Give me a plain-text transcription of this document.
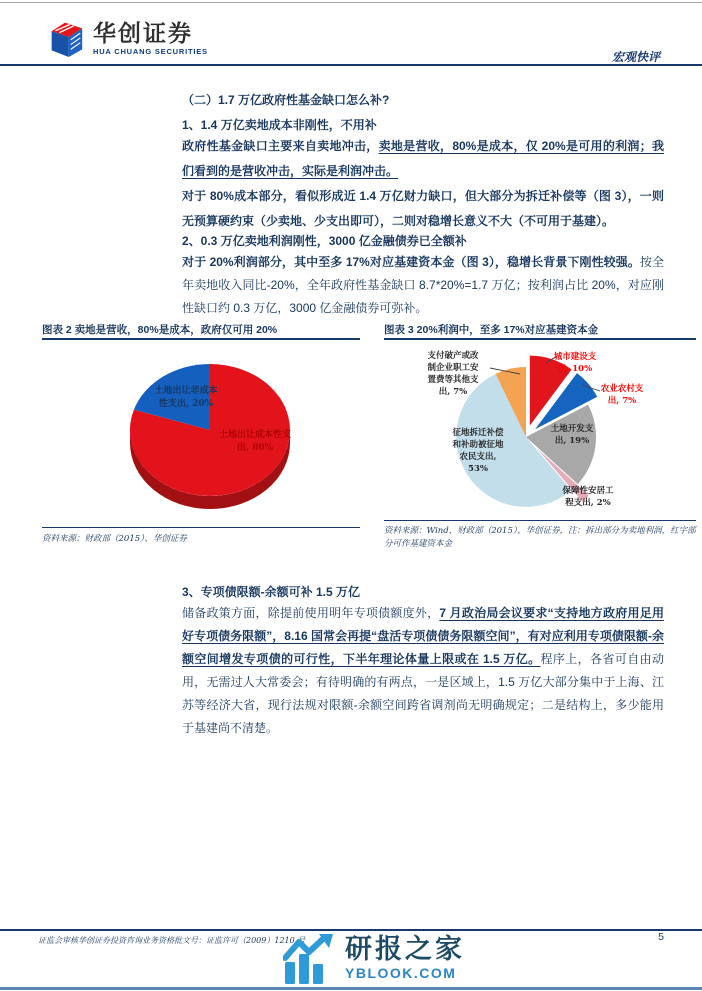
华创证券
HUA CHUANG SECURITIES	宏观快评
（二）1.7 万亿政府性基金缺口怎么补?
1、1.4 万亿卖地成本非刚性，不用补

政府性基金缺口主要来自卖地冲击，卖地是营收，80%是成本，仅 20%是可用的利润；我们看到的是营收冲击，实际是利润冲击。

对于 80%成本部分，看似形成近 1.4 万亿财力缺口，但大部分为拆迁补偿等（图 3），一则无预算硬约束（少卖地、少支出即可），二则对稳增长意义不大（不可用于基建）。

2、0.3 万亿卖地利润刚性，3000 亿金融债券已全额补

对于 20%利润部分，其中至多 17%对应基建资本金（图 3），稳增长背景下刚性较强。按全年卖地收入同比-20%，全年政府性基金缺口 8.7*20%=1.7 万亿；按利润占比 20%，对应刚性缺口约 0.3 万亿，3000 亿金融债券可弥补。

图表 2 卖地是营收，80%是成本，政府仅可用 20%
土地出让成本性支出, 80%
土地出让非成本性支出, 20%
资料来源：财政部（2015）、华创证券
图表 3 20%利润中，至多 17%对应基建资本金
城市建设支出, 10%
农业农村支出, 7%
土地开发支出, 19%
保障性安居工程支出, 2%
征地拆迁补偿和补助被征地农民支出, 53%
支付破产或改制企业职工安置费等其他支出, 7%
资料来源：Wind，财政部（2015）、华创证券，注：拆出部分为卖地利润，红字部分可作基建资本金
3、专项债限额-余额可补 1.5 万亿

储备政策方面，除提前使用明年专项债额度外，7 月政治局会议要求“支持地方政府用足用好专项债务限额”，8.16 国常会再提“盘活专项债债务限额空间”，有对应利用专项债限额-余额空间增发专项债的可行性，下半年理论体量上限或在 1.5 万亿。程序上，各省可自由动用，无需过人大常委会；有待明确的有两点，一是区域上，1.5 万亿大部分集中于上海、江苏等经济大省，现行法规对限额-余额空间跨省调剂尚无明确规定；二是结构上，多少能用于基建尚不清楚。

证监会审核华创证券投资咨询业务资格批文号：证监许可（2009）1210 号	5
研报之家
YBLOOK.COM
